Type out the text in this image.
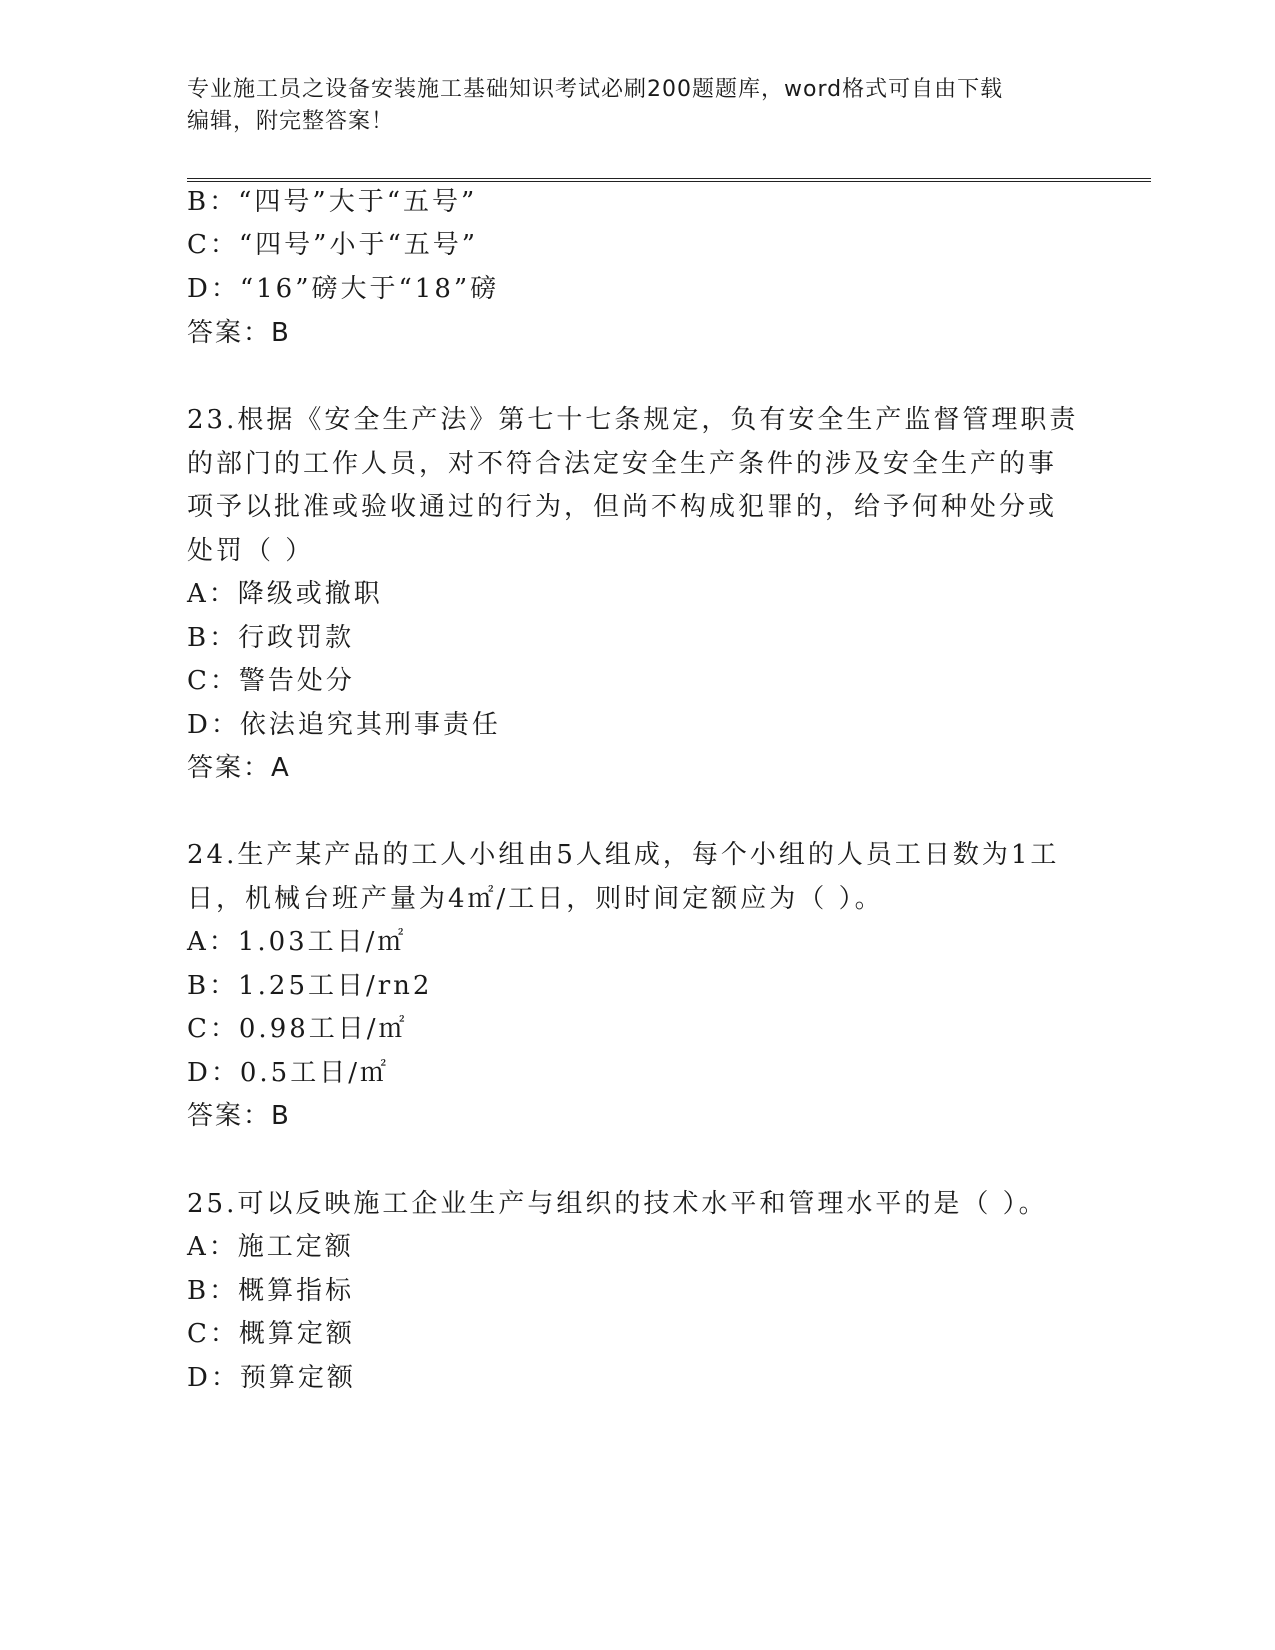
专业施工员之设备安装施工基础知识考试必刷200题题库，word格式可自由下载
编辑，附完整答案！
B：“四号”大于“五号”
C：“四号”小于“五号”
D：“16”磅大于“18”磅
答案：B
23.根据《安全生产法》第七十七条规定，负有安全生产监督管理职责
的部门的工作人员，对不符合法定安全生产条件的涉及安全生产的事
项予以批准或验收通过的行为，但尚不构成犯罪的，给予何种处分或
处罚（ ）
A：降级或撤职
B：行政罚款
C：警告处分
D：依法追究其刑事责任
答案：A
24.生产某产品的工人小组由5人组成，每个小组的人员工日数为1工
日，机械台班产量为4㎡/工日，则时间定额应为（ ）。
A：1.03工日/㎡
B：1.25工日/rn2
C：0.98工日/㎡
D：0.5工日/㎡
答案：B
25.可以反映施工企业生产与组织的技术水平和管理水平的是（ ）。
A：施工定额
B：概算指标
C：概算定额
D：预算定额
